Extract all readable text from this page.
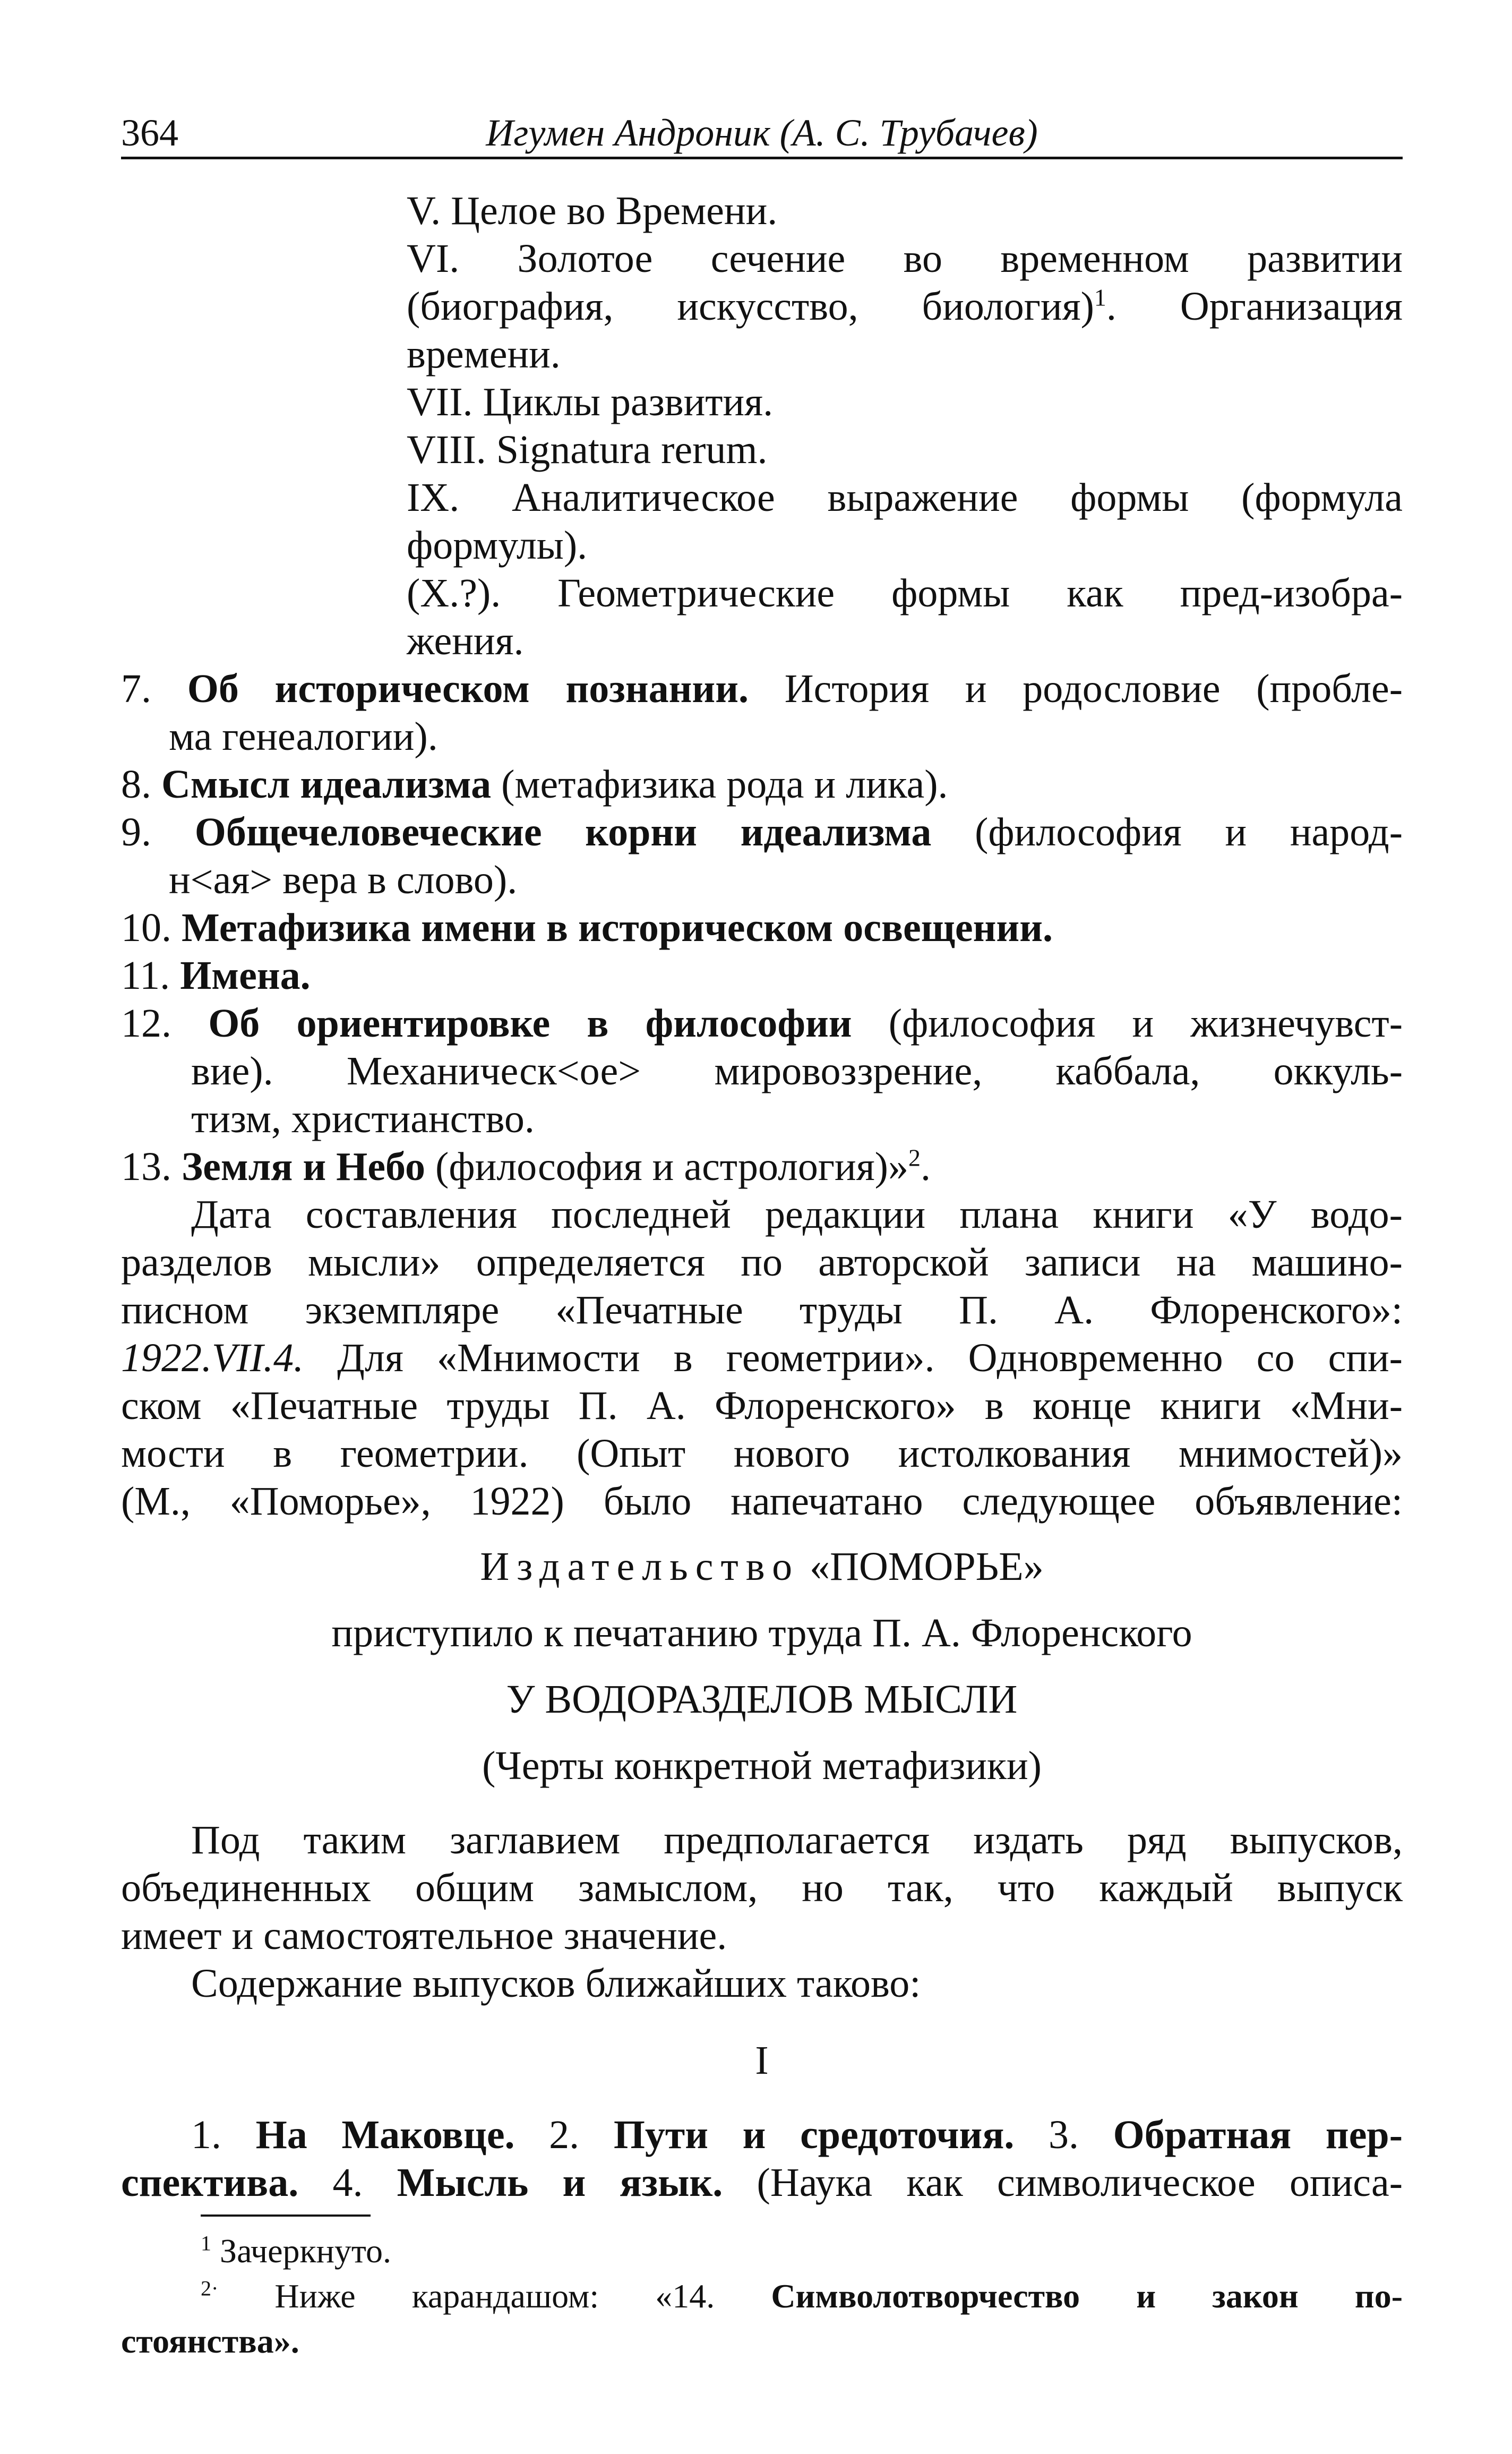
364	Игумен Андроник (А. С. Трубачев)
V. Целое во Времени.
VI. Золотое сечение во временном развитии
(биография, искусство, биология)$^1$. Организация
времени.
VII. Циклы развития.
VIII. Signatura rerum.
IX. Аналитическое выражение формы (формула
формулы).
(X.?). Геометрические формы как пред-изобра-
жения.
7. Об историческом познании. История и родословие (пробле-
ма генеалогии).
8. Смысл идеализма (метафизика рода и лика).
9. Общечеловеческие корни идеализма (философия и народ-
н<ая> вера в слово).
10. Метафизика имени в историческом освещении.
11. Имена.
12. Об ориентировке в философии (философия и жизнечувст-
вие). Механическ<ое> мировоззрение, каббала, оккуль-
тизм, христианство.
13. Земля и Небо (философия и астрология)»$^2$.
Дата составления последней редакции плана книги «У водо-
разделов мысли» определяется по авторской записи на машино-
писном экземпляре «Печатные труды П. А. Флоренского»:
1922.VII.4. Для «Мнимости в геометрии». Одновременно со спи-
ском «Печатные труды П. А. Флоренского» в конце книги «Мни-
мости в геометрии. (Опыт нового истолкования мнимостей)»
(М., «Поморье», 1922) было напечатано следующее объявление:
Издательство «ПОМОРЬЕ»
приступило к печатанию труда П. А. Флоренского
У ВОДОРАЗДЕЛОВ МЫСЛИ
(Черты конкретной метафизики)
Под таким заглавием предполагается издать ряд выпусков,
объединенных общим замыслом, но так, что каждый выпуск
имеет и самостоятельное значение.
Содержание выпусков ближайших таково:
I
1. На Маковце. 2. Пути и средоточия. 3. Обратная пер-
спектива. 4. Мысль и язык. (Наука как символическое описа-
$^1$ Зачеркнуто.
$^{2\cdot}$ Ниже карандашом: «14. Символотворчество и закон по-
стоянства».
